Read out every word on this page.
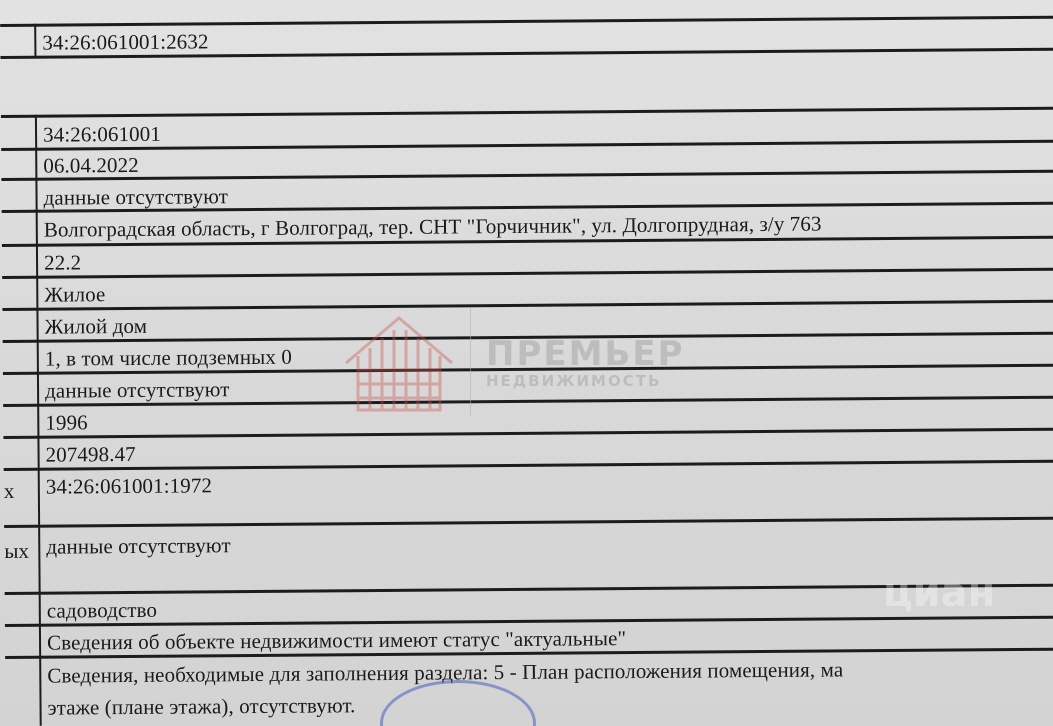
х
ых
34:26:061001:2632
34:26:061001
06.04.2022
данные отсутствуют
Волгоградская область, г Волгоград, тер. СНТ "Горчичник", ул. Долгопрудная, з/у 763
22.2
Жилое
Жилой дом
1, в том числе подземных 0
данные отсутствуют
1996
207498.47
34:26:061001:1972
данные отсутствуют
садоводство
Сведения об объекте недвижимости имеют статус "актуальные"
Сведения, необходимые для заполнения раздела: 5 - План расположения помещения, ма
этаже (плане этажа), отсутствуют.
ПРЕМЬЕР
НЕДВИЖИМОСТЬ
циан
